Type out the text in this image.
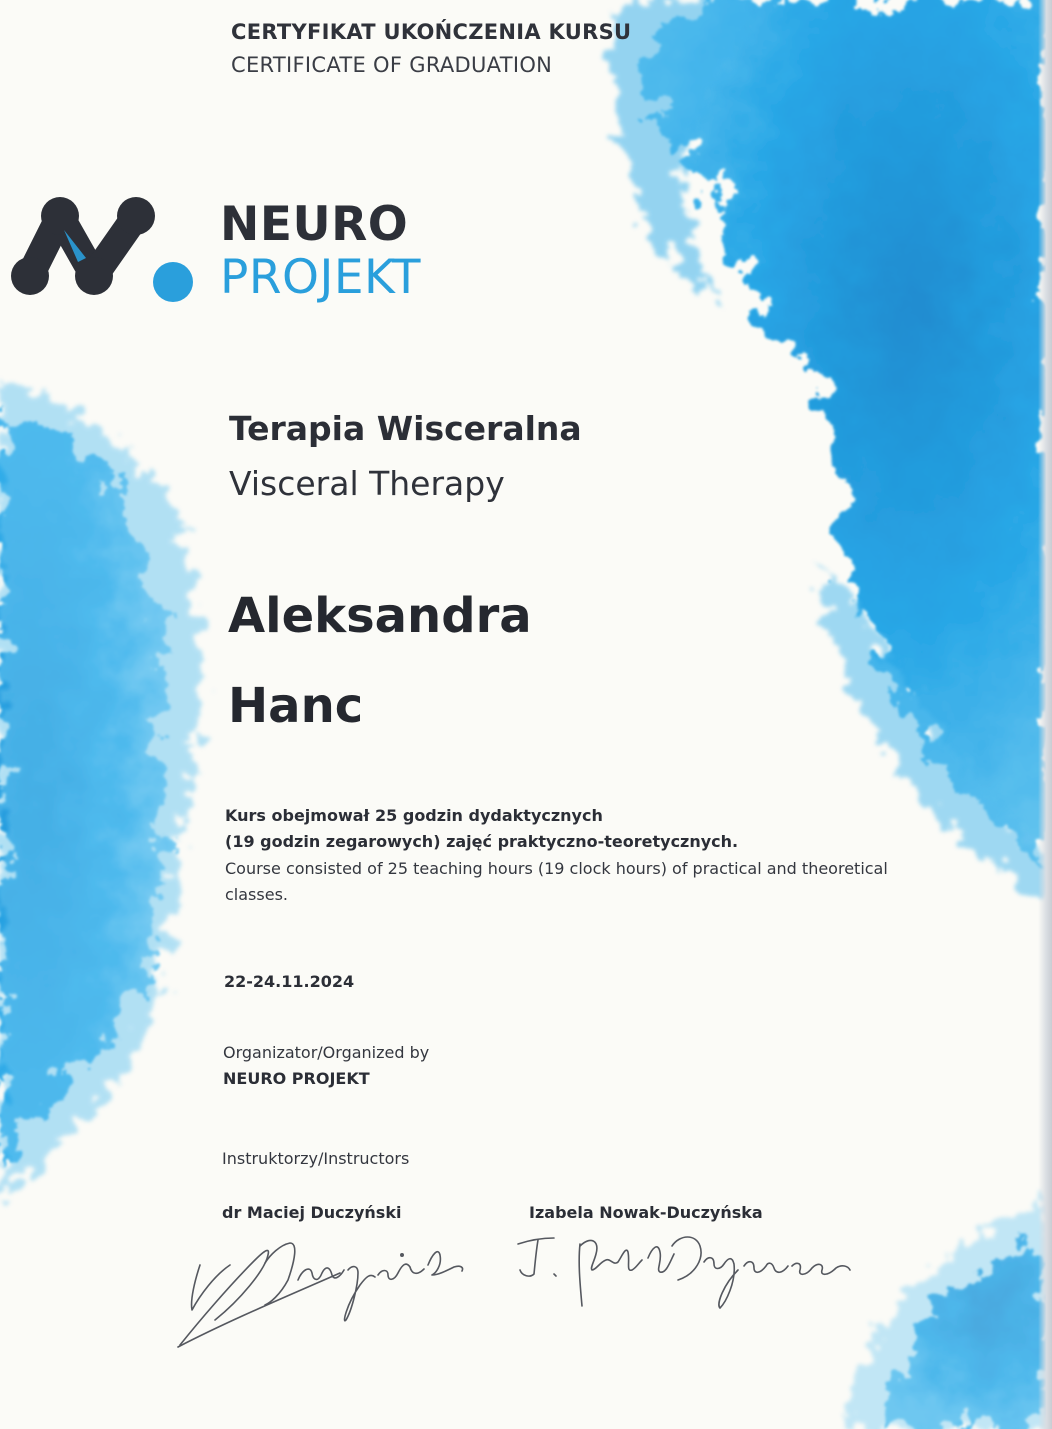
CERTYFIKAT UKOŃCZENIA KURSU

CERTIFICATE OF GRADUATION

NEURO

PROJEKT

Terapia Wisceralna

Visceral Therapy

Aleksandra

Hanc

Kurs obejmował 25 godzin dydaktycznych

(19 godzin zegarowych) zajęć praktyczno-teoretycznych.

Course consisted of 25 teaching hours (19 clock hours) of practical and theoretical

classes.

22-24.11.2024

Organizator/Organized by

NEURO PROJEKT

Instruktorzy/Instructors

dr Maciej Duczyński	Izabela Nowak-Duczyńska
